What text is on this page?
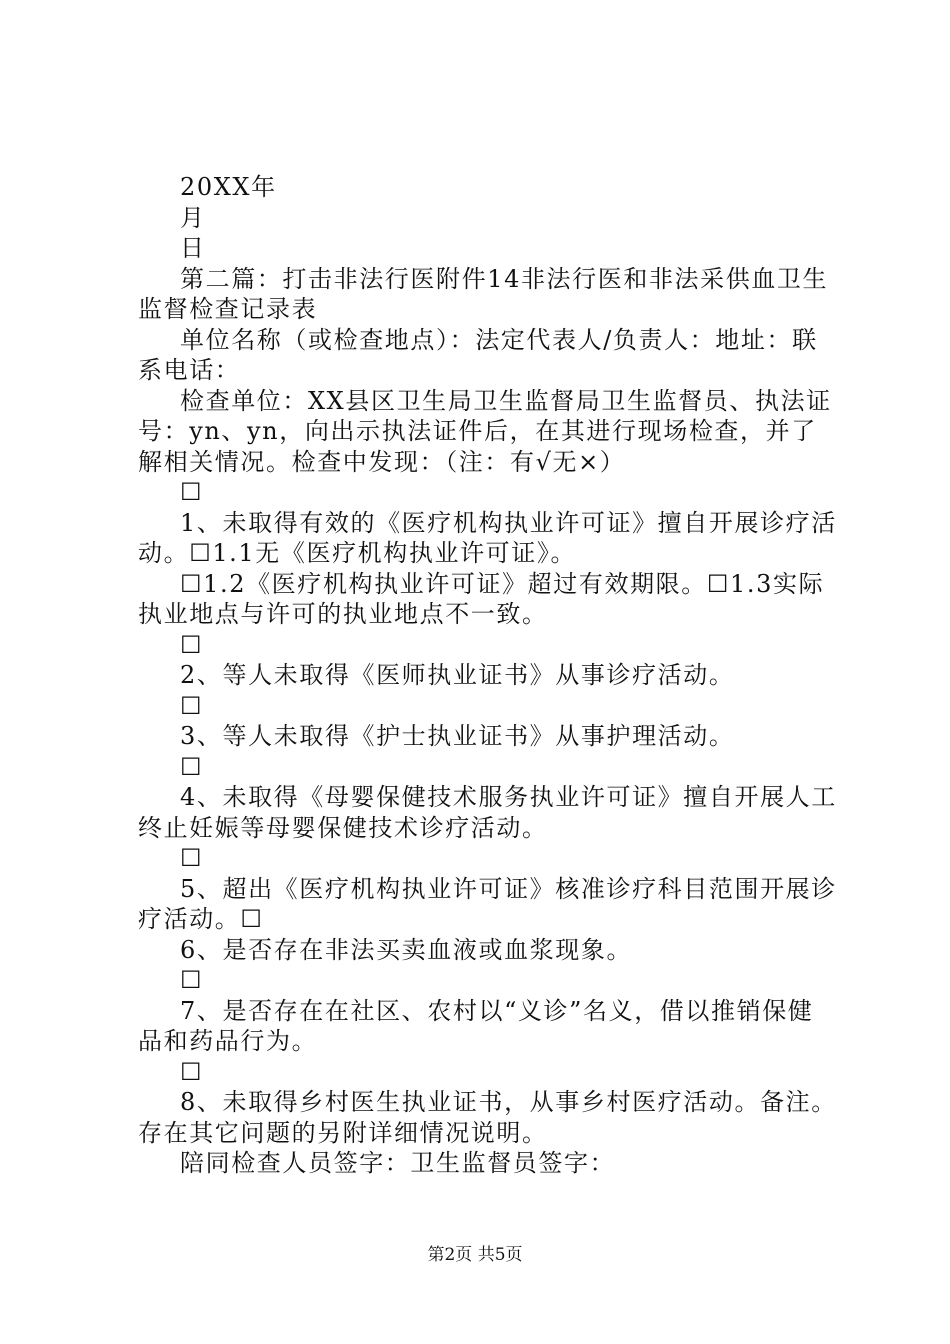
20XX年

月

日

第二篇：打击非法行医附件14非法行医和非法采供血卫生监督检查记录表

单位名称（或检查地点）：法定代表人/负责人：地址：联系电话：

检查单位：XX县区卫生局卫生监督局卫生监督员、执法证号：yn、yn，向出示执法证件后，在其进行现场检查，并了解相关情况。检查中发现：（注：有√无×）

☐

1、未取得有效的《医疗机构执业许可证》擅自开展诊疗活动。☐1.1无《医疗机构执业许可证》。

☐1.2《医疗机构执业许可证》超过有效期限。☐1.3实际执业地点与许可的执业地点不一致。

☐

2、等人未取得《医师执业证书》从事诊疗活动。

☐

3、等人未取得《护士执业证书》从事护理活动。

☐

4、未取得《母婴保健技术服务执业许可证》擅自开展人工终止妊娠等母婴保健技术诊疗活动。

☐

5、超出《医疗机构执业许可证》核准诊疗科目范围开展诊疗活动。☐

6、是否存在非法买卖血液或血浆现象。

☐

7、是否存在在社区、农村以“义诊”名义，借以推销保健品和药品行为。

☐

8、未取得乡村医生执业证书，从事乡村医疗活动。备注。存在其它问题的另附详细情况说明。

陪同检查人员签字：卫生监督员签字：

第2页 共5页
